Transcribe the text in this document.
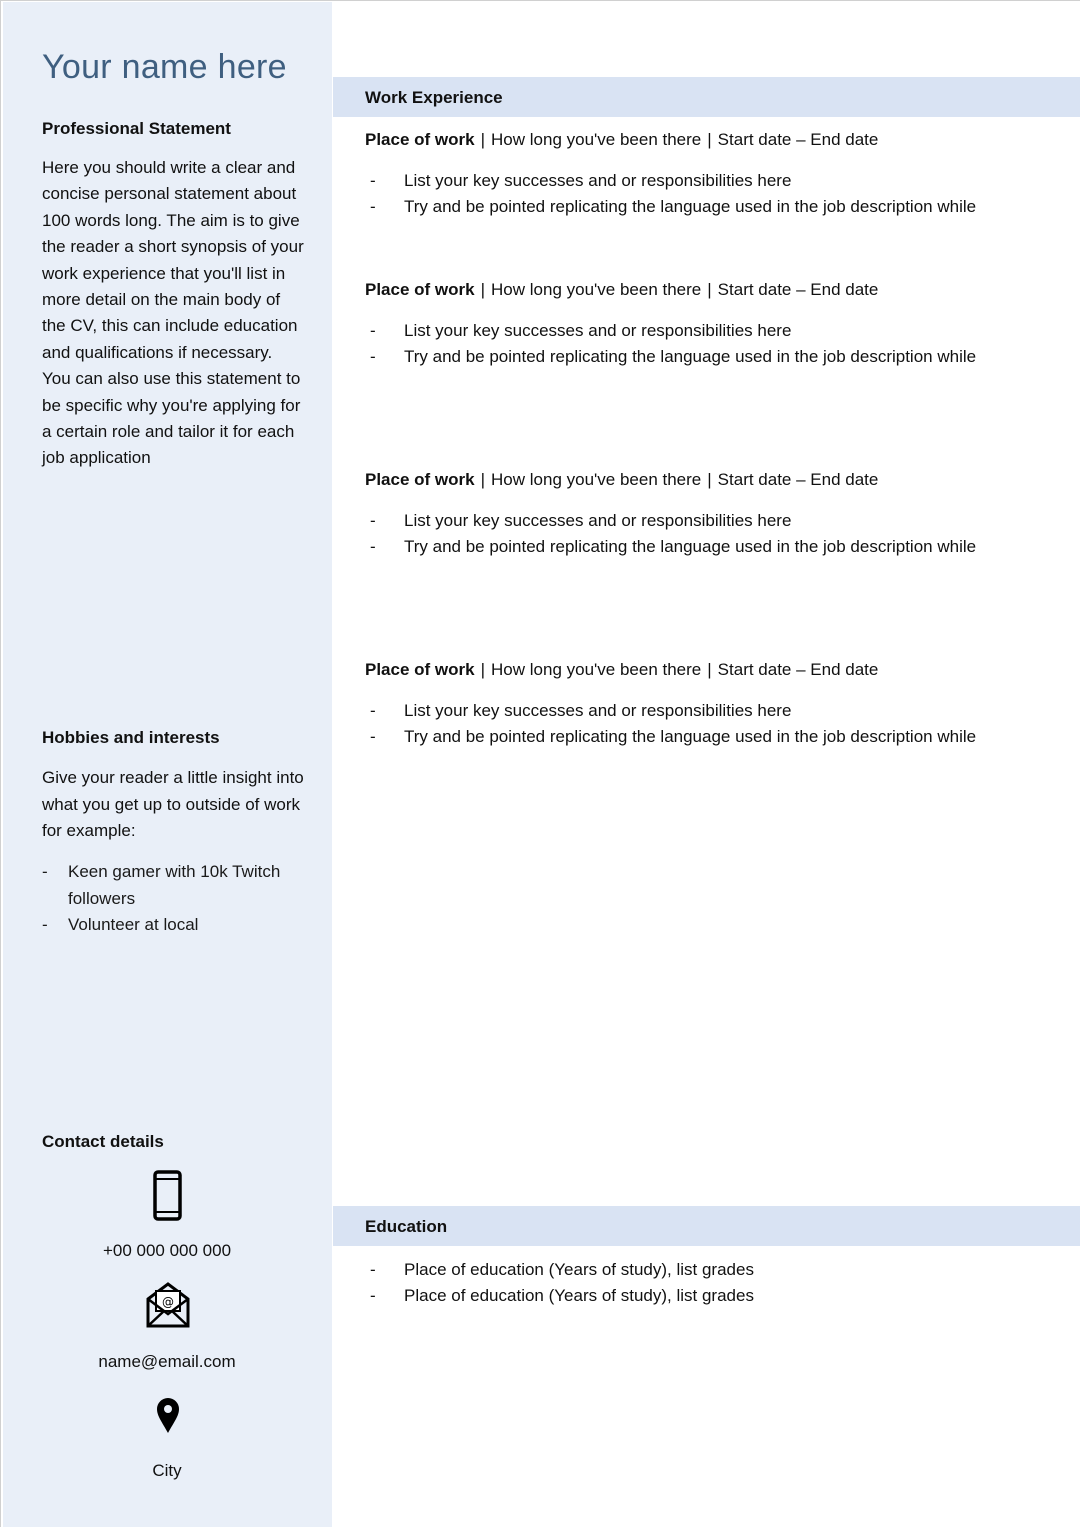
Your name here
Professional Statement
Here you should write a clear and concise personal statement about 100 words long. The aim is to give the reader a short synopsis of your work experience that you'll list in more detail on the main body of the CV, this can include education and qualifications if necessary. You can also use this statement to be specific why you're applying for a certain role and tailor it for each job application
Hobbies and interests
Give your reader a little insight into what you get up to outside of work for example:
- Keen gamer with 10k Twitch followers
- Volunteer at local
Contact details
+00 000 000 000
@
name@email.com
City
Work Experience
Place of work | How long you've been there | Start date – End date
- List your key successes and or responsibilities here
- Try and be pointed replicating the language used in the job description while
Place of work | How long you've been there | Start date – End date
- List your key successes and or responsibilities here
- Try and be pointed replicating the language used in the job description while
Place of work | How long you've been there | Start date – End date
- List your key successes and or responsibilities here
- Try and be pointed replicating the language used in the job description while
Place of work | How long you've been there | Start date – End date
- List your key successes and or responsibilities here
- Try and be pointed replicating the language used in the job description while
Education
- Place of education (Years of study), list grades
- Place of education (Years of study), list grades
